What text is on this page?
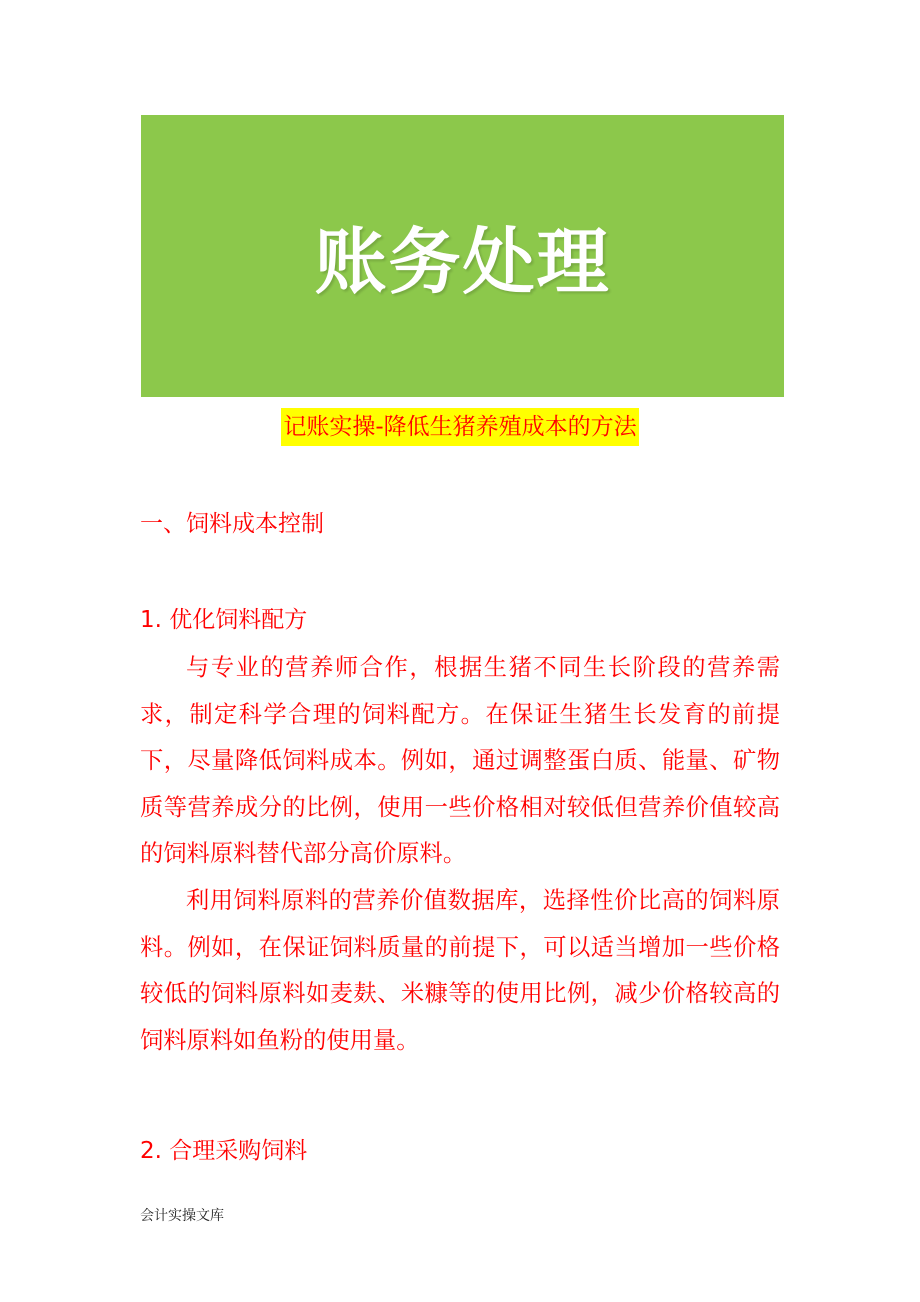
账务处理
记账实操-降低生猪养殖成本的方法
一、饲料成本控制
1. 优化饲料配方

与专业的营养师合作，根据生猪不同生长阶段的营养需求，制定科学合理的饲料配方。在保证生猪生长发育的前提下，尽量降低饲料成本。例如，通过调整蛋白质、能量、矿物质等营养成分的比例，使用一些价格相对较低但营养价值较高的饲料原料替代部分高价原料。

利用饲料原料的营养价值数据库，选择性价比高的饲料原料。例如，在保证饲料质量的前提下，可以适当增加一些价格较低的饲料原料如麦麸、米糠等的使用比例，减少价格较高的饲料原料如鱼粉的使用量。

2. 合理采购饲料
会计实操文库
